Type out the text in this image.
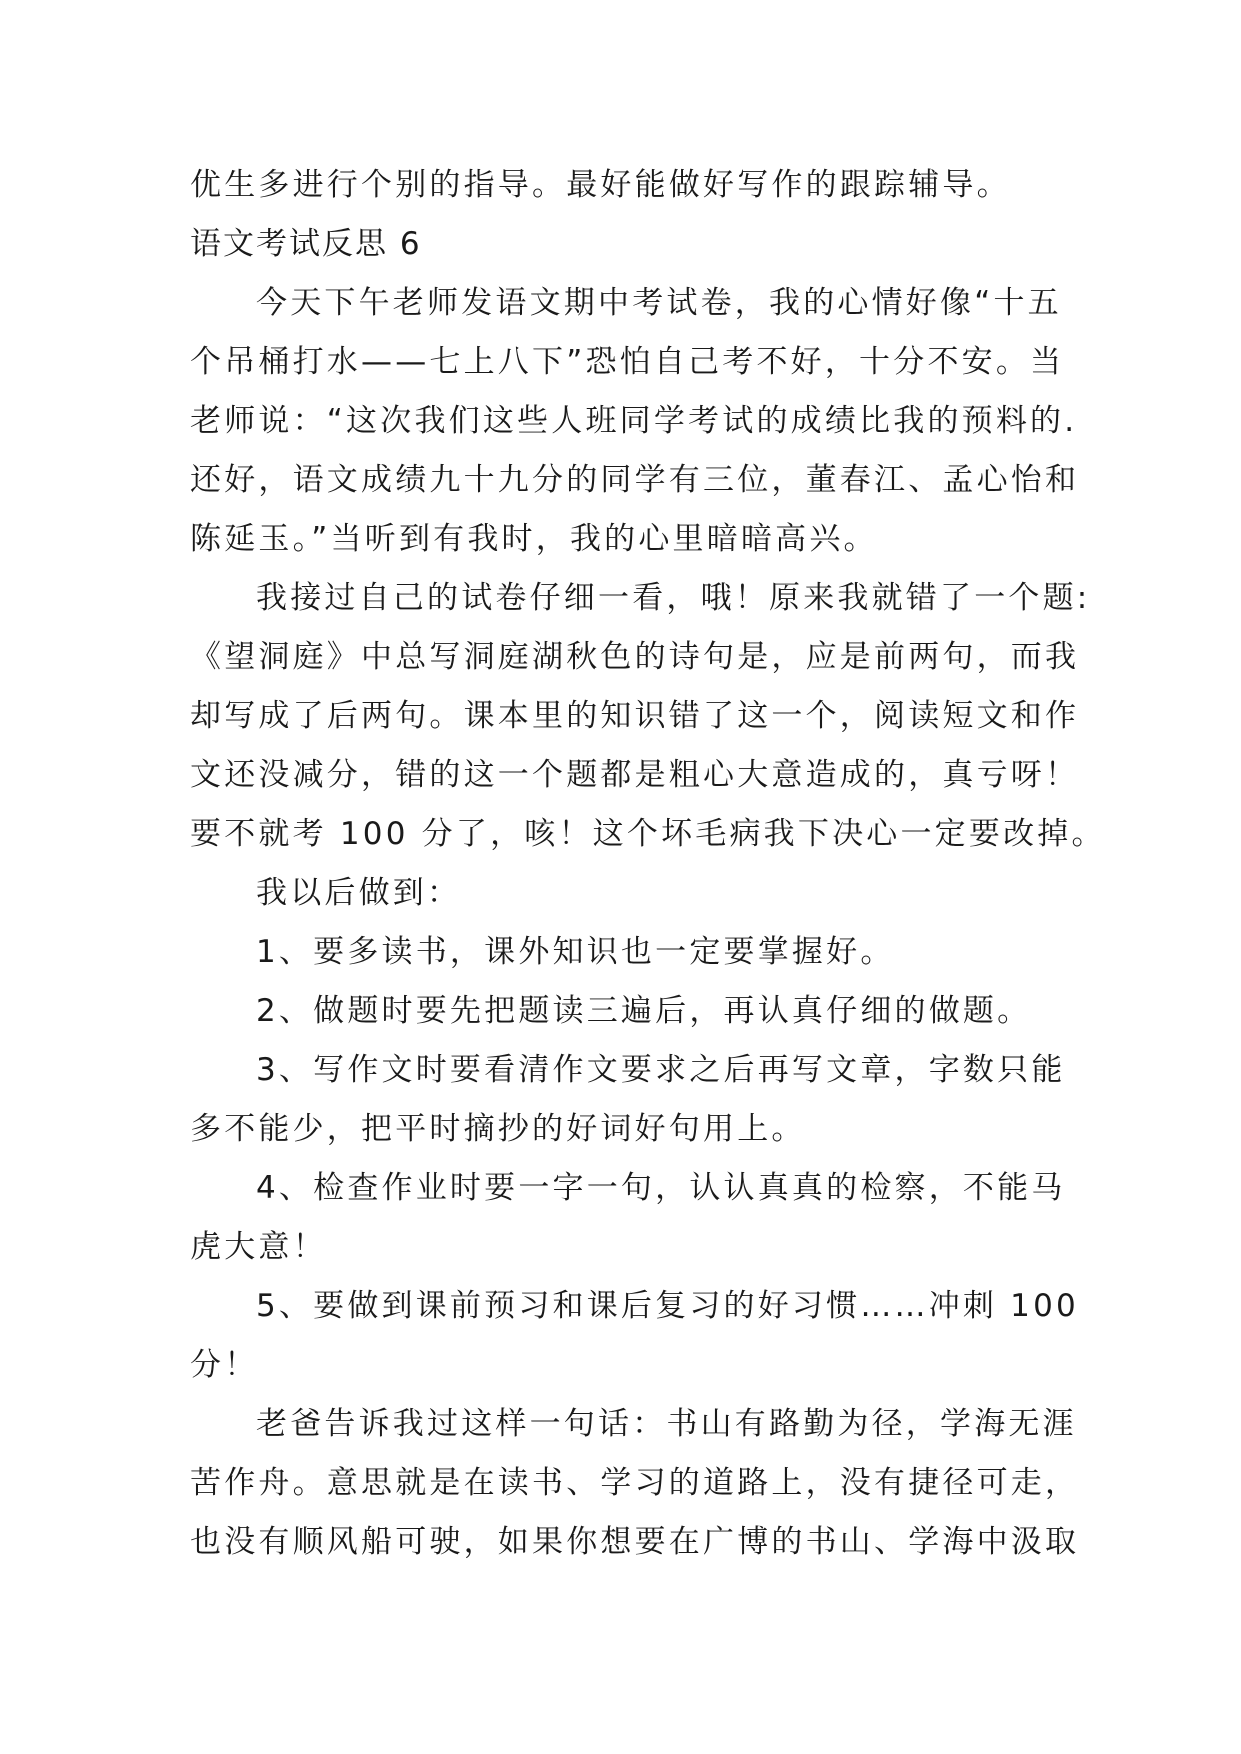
优生多进行个别的指导。最好能做好写作的跟踪辅导。
语文考试反思 6
今天下午老师发语文期中考试卷，我的心情好像“十五
个吊桶打水——七上八下”恐怕自己考不好，十分不安。当
老师说：“这次我们这些人班同学考试的成绩比我的预料的.
还好，语文成绩九十九分的同学有三位，董春江、孟心怡和
陈延玉。”当听到有我时，我的心里暗暗高兴。
我接过自己的试卷仔细一看，哦！原来我就错了一个题:
《望洞庭》中总写洞庭湖秋色的诗句是，应是前两句，而我
却写成了后两句。课本里的知识错了这一个，阅读短文和作
文还没减分，错的这一个题都是粗心大意造成的，真亏呀！
要不就考 100 分了，咳！这个坏毛病我下决心一定要改掉。
我以后做到：
1、要多读书，课外知识也一定要掌握好。
2、做题时要先把题读三遍后，再认真仔细的做题。
3、写作文时要看清作文要求之后再写文章，字数只能
多不能少，把平时摘抄的好词好句用上。
4、检查作业时要一字一句，认认真真的检察，不能马
虎大意！
5、要做到课前预习和课后复习的好习惯……冲刺 100
分！
老爸告诉我过这样一句话：书山有路勤为径，学海无涯
苦作舟。意思就是在读书、学习的道路上，没有捷径可走，
也没有顺风船可驶，如果你想要在广博的书山、学海中汲取
